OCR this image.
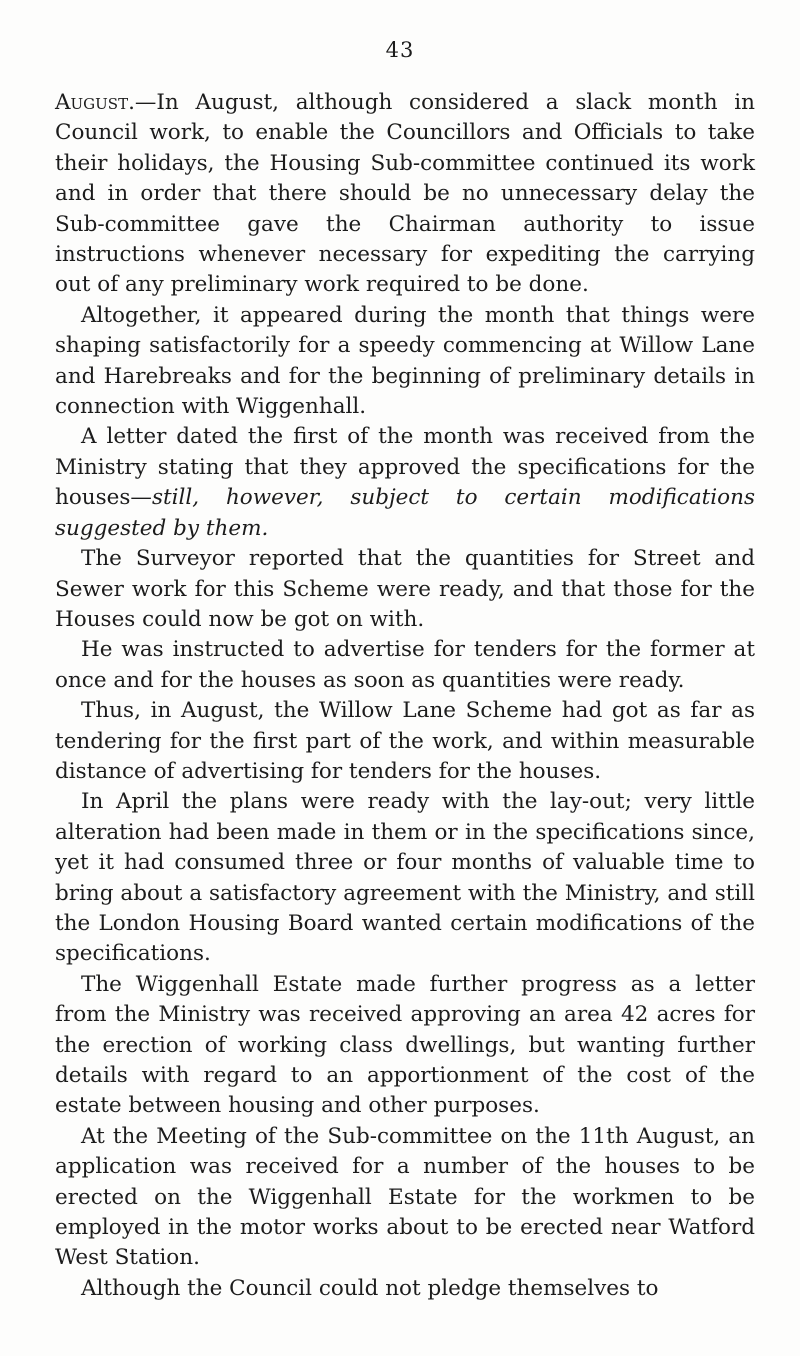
43

August.—In August, although considered a slack month in Council work, to enable the Councillors and Officials to take their holidays, the Housing Sub-committee continued its work and in order that there should be no unnecessary delay the Sub-committee gave the Chairman authority to issue instructions whenever necessary for expediting the carrying out of any preliminary work required to be done.

Altogether, it appeared during the month that things were shaping satisfactorily for a speedy commencing at Willow Lane and Harebreaks and for the beginning of preliminary details in connection with Wiggenhall.

A letter dated the first of the month was received from the Ministry stating that they approved the specifications for the houses—still, however, subject to certain modifications suggested by them.

The Surveyor reported that the quantities for Street and Sewer work for this Scheme were ready, and that those for the Houses could now be got on with.

He was instructed to advertise for tenders for the former at once and for the houses as soon as quantities were ready.

Thus, in August, the Willow Lane Scheme had got as far as tendering for the first part of the work, and within measurable distance of advertising for tenders for the houses.

In April the plans were ready with the lay-out; very little alteration had been made in them or in the specifications since, yet it had consumed three or four months of valuable time to bring about a satisfactory agreement with the Ministry, and still the London Housing Board wanted certain modifications of the specifications.

The Wiggenhall Estate made further progress as a letter from the Ministry was received approving an area 42 acres for the erection of working class dwellings, but wanting further details with regard to an apportionment of the cost of the estate between housing and other purposes.

At the Meeting of the Sub-committee on the 11th August, an application was received for a number of the houses to be erected on the Wiggenhall Estate for the workmen to be employed in the motor works about to be erected near Watford West Station.

Although the Council could not pledge themselves to
